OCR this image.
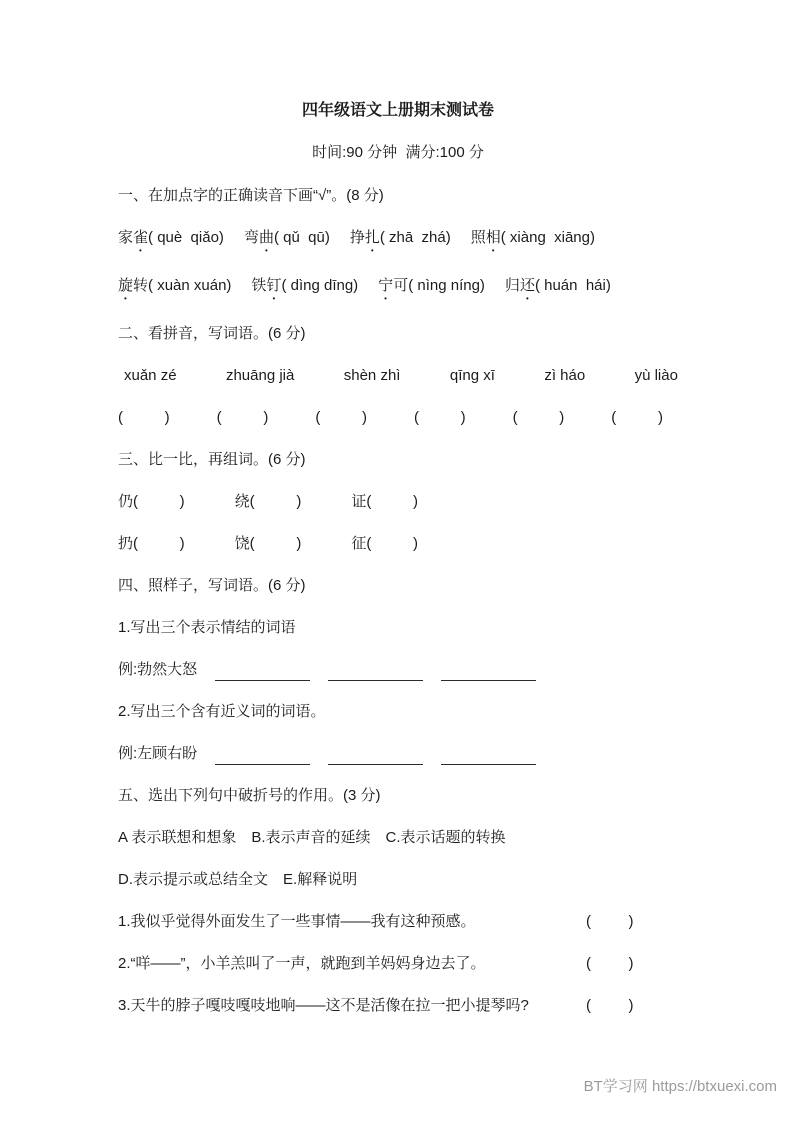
四年级语文上册期末测试卷
时间:90 分钟  满分:100 分
一、在加点字的正确读音下画“√”。(8 分)
家雀( què  qiǎo) 弯曲( qǔ  qū) 挣扎( zhā  zhá) 照相( xiàng  xiāng)
旋转( xuàn xuán) 铁钉( dìng dīng) 宁可( nìng níng) 归还( huán  hái)
二、看拼音，写词语。(6 分)
xuǎn zé	zhuāng jià	shèn zhì	qīng xī	zì háo	yù liào
(          )	(          )	(          )	(          )	(          )	(          )
三、比一比，再组词。(6 分)
仍(          )	绕(          )	证(          )
扔(          )	饶(          )	征(          )
四、照样子，写词语。(6 分)
1.写出三个表示情结的词语
例:勃然大怒
2.写出三个含有近义词的词语。
例:左顾右盼
五、选出下列句中破折号的作用。(3 分)
A 表示联想和想象 B.表示声音的延续 C.表示话题的转换
D.表示提示或总结全文 E.解释说明
1.我似乎觉得外面发生了一些事情——我有这种预感。	(         )
2.“咩——”，小羊羔叫了一声，就跑到羊妈妈身边去了。	(         )
3.天牛的脖子嘎吱嘎吱地响——这不是活像在拉一把小提琴吗?	(         )
BT学习网 https://btxuexi.com
